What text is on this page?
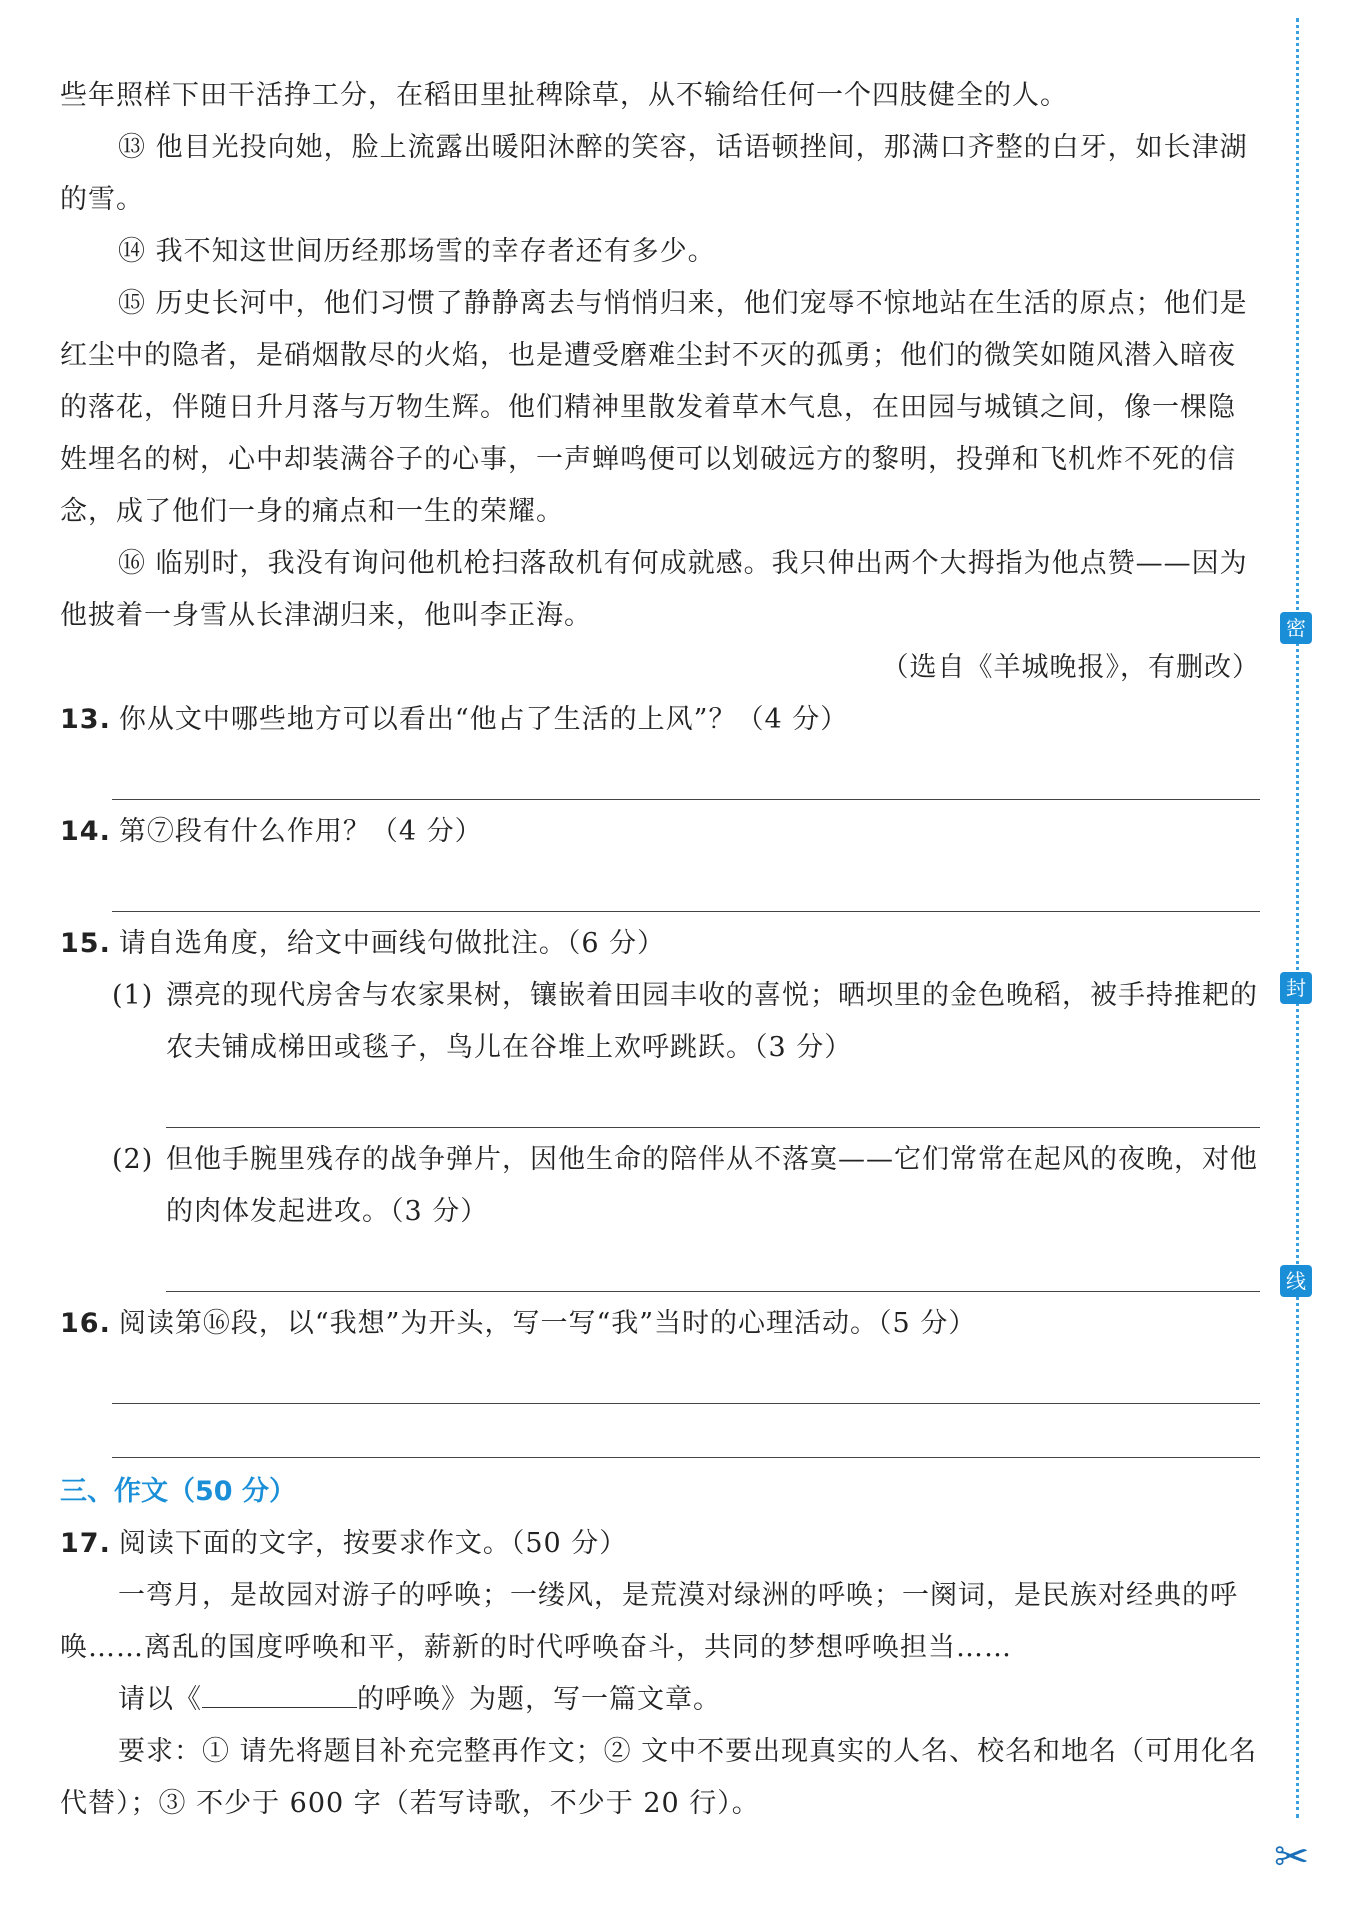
密
封
线
✂

些年照样下田干活挣工分，在稻田里扯稗除草，从不输给任何一个四肢健全的人。

⑬ 他目光投向她，脸上流露出暖阳沐醉的笑容，话语顿挫间，那满口齐整的白牙，如长津湖的雪。

⑭ 我不知这世间历经那场雪的幸存者还有多少。

⑮ 历史长河中，他们习惯了静静离去与悄悄归来，他们宠辱不惊地站在生活的原点；他们是红尘中的隐者，是硝烟散尽的火焰，也是遭受磨难尘封不灭的孤勇；他们的微笑如随风潜入暗夜的落花，伴随日升月落与万物生辉。他们精神里散发着草木气息，在田园与城镇之间，像一棵隐姓埋名的树，心中却装满谷子的心事，一声蝉鸣便可以划破远方的黎明，投弹和飞机炸不死的信念，成了他们一身的痛点和一生的荣耀。

⑯ 临别时，我没有询问他机枪扫落敌机有何成就感。我只伸出两个大拇指为他点赞——因为他披着一身雪从长津湖归来，他叫李正海。

（选自《羊城晚报》，有删改）

13. 你从文中哪些地方可以看出“他占了生活的上风”？（4 分）

14. 第⑦段有什么作用？（4 分）

15. 请自选角度，给文中画线句做批注。（6 分）

(1) 漂亮的现代房舍与农家果树，镶嵌着田园丰收的喜悦；晒坝里的金色晚稻，被手持推耙的农夫铺成梯田或毯子，鸟儿在谷堆上欢呼跳跃。（3 分）
(2) 但他手腕里残存的战争弹片，因他生命的陪伴从不落寞——它们常常在起风的夜晚，对他的肉体发起进攻。（3 分）

16. 阅读第⑯段，以“我想”为开头，写一写“我”当时的心理活动。（5 分）

三、作文（50 分）

17. 阅读下面的文字，按要求作文。（50 分）

一弯月，是故园对游子的呼唤；一缕风，是荒漠对绿洲的呼唤；一阕词，是民族对经典的呼唤……离乱的国度呼唤和平，薪新的时代呼唤奋斗，共同的梦想呼唤担当……

请以《	的呼唤》为题，写一篇文章。

要求：① 请先将题目补充完整再作文；② 文中不要出现真实的人名、校名和地名（可用化名代替）；③ 不少于 600 字（若写诗歌，不少于 20 行）。
